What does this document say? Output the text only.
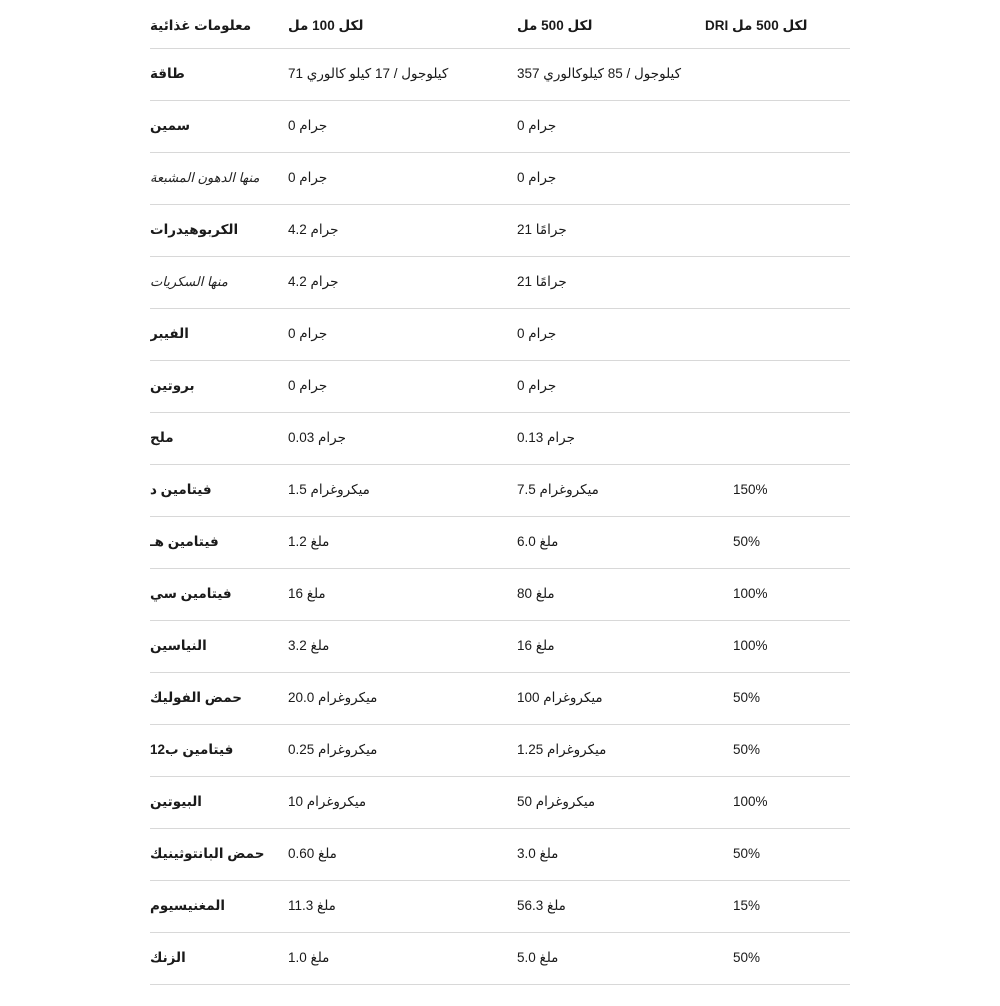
معلومات غذائية	لكل 100 مل	لكل 500 مل	DRI لكل 500 مل
طاقة	71 كيلوجول / 17 كيلو كالوري	357 كيلوجول / 85 كيلوكالوري	
سمين	0 جرام	0 جرام	
منها الدهون المشبعة	0 جرام	0 جرام	
الكربوهيدرات	4.2 جرام	21 جرامًا	
منها السكريات	4.2 جرام	21 جرامًا	
الفيبر	0 جرام	0 جرام	
بروتين	0 جرام	0 جرام	
ملح	0.03 جرام	0.13 جرام	
فيتامين د	1.5 ميكروغرام	7.5 ميكروغرام	150%
فيتامين هـ	1.2 ملغ	6.0 ملغ	50%
فيتامين سي	16 ملغ	80 ملغ	100%
النياسين	3.2 ملغ	16 ملغ	100%
حمض الفوليك	20.0 ميكروغرام	100 ميكروغرام	50%
فيتامين ب12	0.25 ميكروغرام	1.25 ميكروغرام	50%
البيوتين	10 ميكروغرام	50 ميكروغرام	100%
حمض البانتوثينيك	0.60 ملغ	3.0 ملغ	50%
المغنيسيوم	11.3 ملغ	56.3 ملغ	15%
الزنك	1.0 ملغ	5.0 ملغ	50%
